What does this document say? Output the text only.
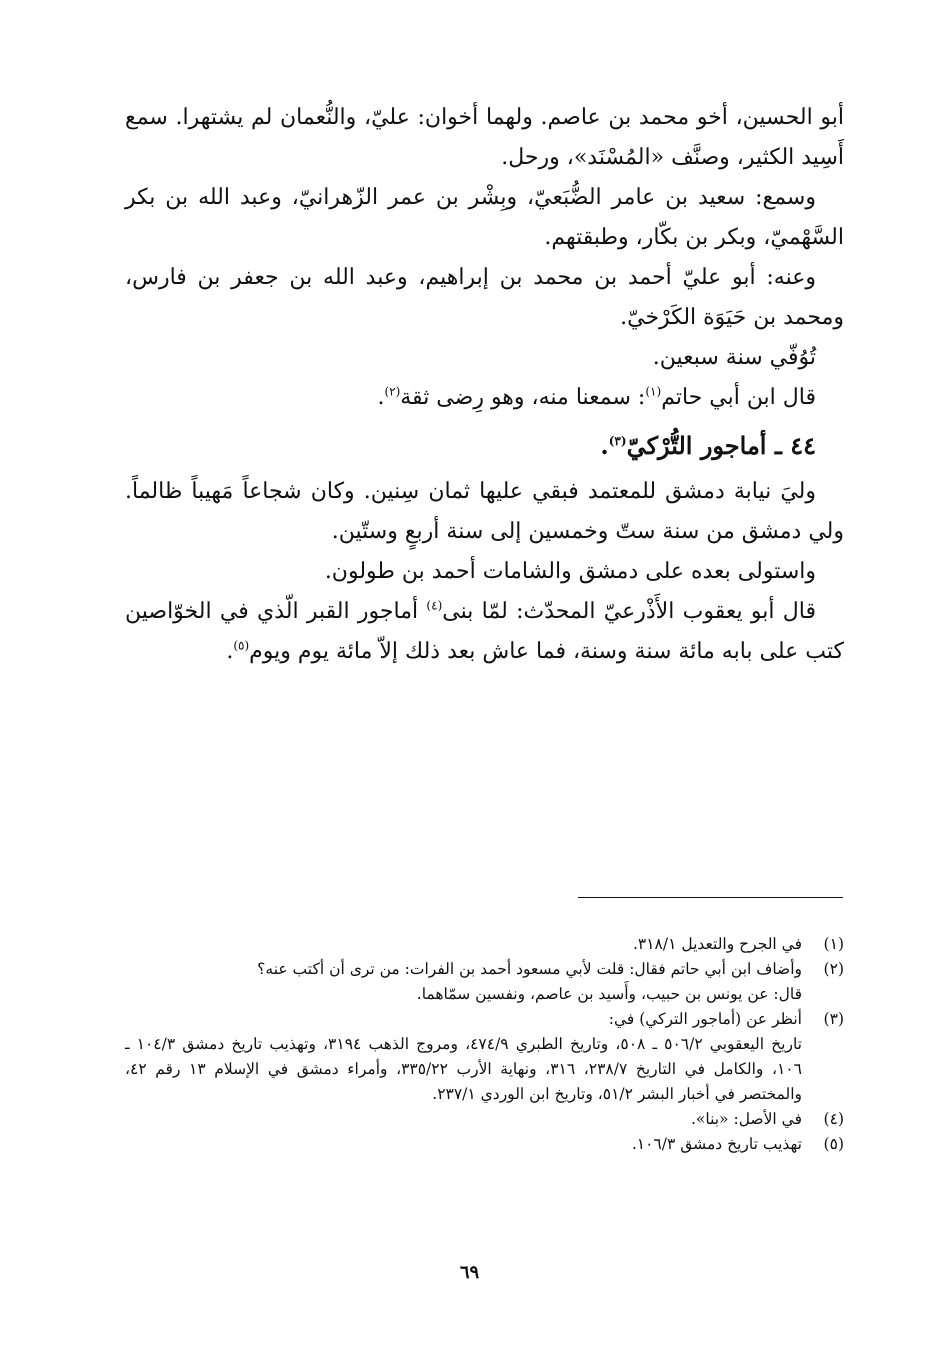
أبو الحسين، أخو محمد بن عاصم. ولهما أخوان: عليّ، والنُّعمان لم يشتهرا. سمع أَسِيد الكثير، وصنَّف «المُسْنَد»، ورحل.

وسمع: سعيد بن عامر الضُّبَعيّ، وبِشْر بن عمر الزّهرانيّ، وعبد الله بن بكر السَّهْميّ، وبكر بن بكّار، وطبقتهم.

وعنه: أبو عليّ أحمد بن محمد بن إبراهيم، وعبد الله بن جعفر بن فارس، ومحمد بن حَيَوَة الكَرْخيّ.

تُوُفّي سنة سبعين.

قال ابن أبي حاتم$^{(١)}$: سمعنا منه، وهو رِضى ثقة$^{(٢)}$.

٤٤ ـ أماجور التُّرْكيّ$^{(٣)}$.

وليَ نيابة دمشق للمعتمد فبقي عليها ثمان سِنين. وكان شجاعاً مَهيباً ظالماً. ولي دمشق من سنة ستّ وخمسين إلى سنة أربعٍ وستّين.

واستولى بعده على دمشق والشامات أحمد بن طولون.

قال أبو يعقوب الأَذْرعيّ المحدّث: لمّا بنى$^{(٤)}$ أماجور القبر الّذي في الخوّاصين كتب على بابه مائة سنة وسنة، فما عاش بعد ذلك إلاّ مائة يوم ويوم$^{(٥)}$.

(١)
في الجرح والتعديل ٣١٨/١.
(٢)
وأضاف ابن أبي حاتم فقال: قلت لأبي مسعود أحمد بن الفرات: من ترى أن أكتب عنه؟
قال: عن يونس بن حبيب، وأَسيد بن عاصم، ونفسين سمّاهما.
(٣)
أنظر عن (أماجور التركي) في:
تاريخ اليعقوبي ٥٠٦/٢ ـ ٥٠٨، وتاريخ الطبري ٤٧٤/٩، ومروج الذهب ٣١٩٤، وتهذيب تاريخ دمشق ١٠٤/٣ ـ ١٠٦، والكامل في التاريخ ٢٣٨/٧، ٣١٦، ونهاية الأرب ٣٣٥/٢٢، وأمراء دمشق في الإسلام ١٣ رقم ٤٢، والمختصر في أخبار البشر ٥١/٢، وتاريخ ابن الوردي ٢٣٧/١.
(٤)
في الأصل: «بنا».
(٥)
تهذيب تاريخ دمشق ١٠٦/٣.
٦٩
